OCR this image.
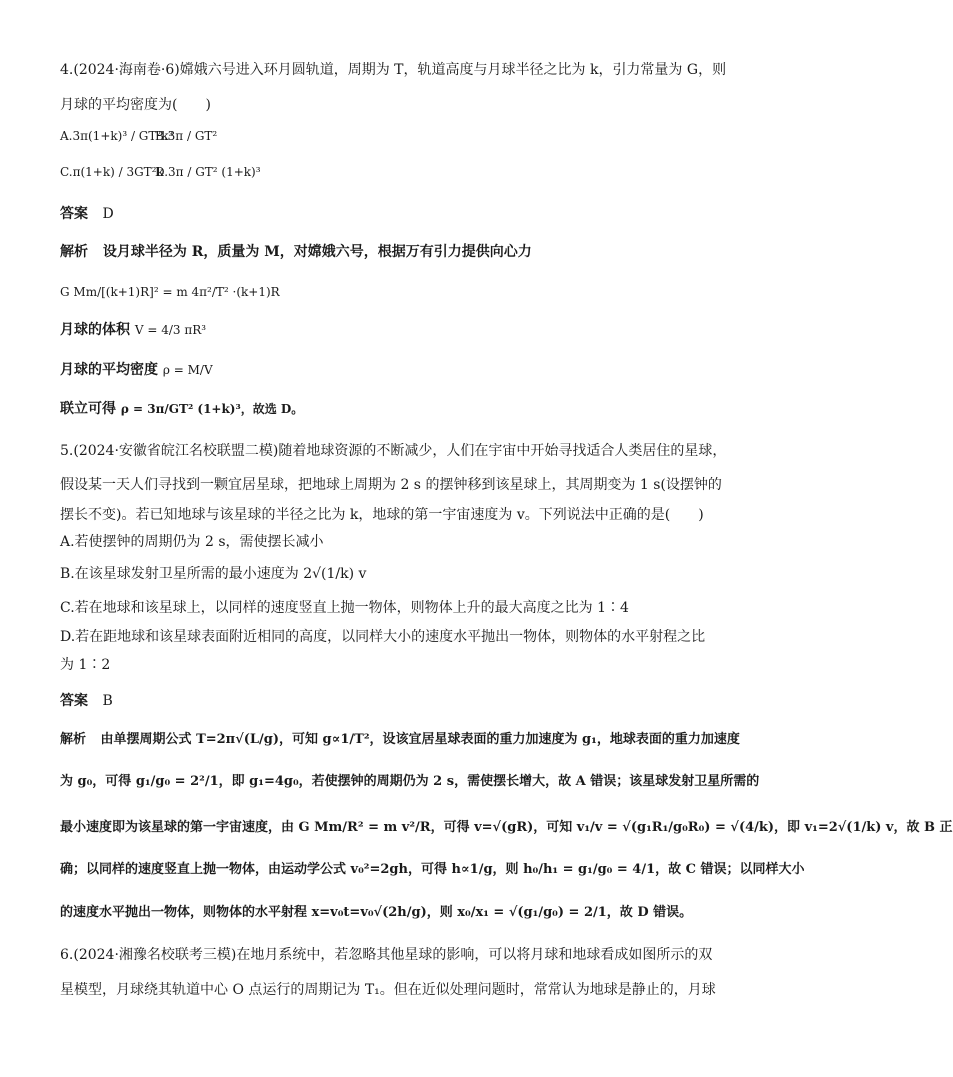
4.(2024·海南卷·6)嫦娥六号进入环月圆轨道，周期为 T，轨道高度与月球半径之比为 k，引力常量为 G，则
月球的平均密度为(　　)
A.3π(1+k)³ / GT²k³
B.3π / GT²
C.π(1+k) / 3GT²k
D.3π / GT² (1+k)³
答案 D
解析 设月球半径为 R，质量为 M，对嫦娥六号，根据万有引力提供向心力
G Mm/[(k+1)R]² = m 4π²/T² ·(k+1)R
月球的体积 V = 4/3 πR³
月球的平均密度 ρ = M/V
联立可得 ρ = 3π/GT² (1+k)³，故选 D。
5.(2024·安徽省皖江名校联盟二模)随着地球资源的不断减少，人们在宇宙中开始寻找适合人类居住的星球，
假设某一天人们寻找到一颗宜居星球，把地球上周期为 2 s 的摆钟移到该星球上，其周期变为 1 s(设摆钟的
摆长不变)。若已知地球与该星球的半径之比为 k，地球的第一宇宙速度为 v。下列说法中正确的是(　　)
A.若使摆钟的周期仍为 2 s，需使摆长减小
B.在该星球发射卫星所需的最小速度为 2√(1/k) v
C.若在地球和该星球上，以同样的速度竖直上抛一物体，则物体上升的最大高度之比为 1∶4
D.若在距地球和该星球表面附近相同的高度，以同样大小的速度水平抛出一物体，则物体的水平射程之比
为 1∶2
答案 B
解析 由单摆周期公式 T=2π√(L/g)，可知 g∝1/T²，设该宜居星球表面的重力加速度为 g₁，地球表面的重力加速度
为 g₀，可得 g₁/g₀ = 2²/1，即 g₁=4g₀，若使摆钟的周期仍为 2 s，需使摆长增大，故 A 错误；该星球发射卫星所需的
最小速度即为该星球的第一宇宙速度，由 G Mm/R² = m v²/R，可得 v=√(gR)，可知 v₁/v = √(g₁R₁/g₀R₀) = √(4/k)，即 v₁=2√(1/k) v，故 B 正
确；以同样的速度竖直上抛一物体，由运动学公式 v₀²=2gh，可得 h∝1/g，则 h₀/h₁ = g₁/g₀ = 4/1，故 C 错误；以同样大小
的速度水平抛出一物体，则物体的水平射程 x=v₀t=v₀√(2h/g)，则 x₀/x₁ = √(g₁/g₀) = 2/1，故 D 错误。
6.(2024·湘豫名校联考三模)在地月系统中，若忽略其他星球的影响，可以将月球和地球看成如图所示的双
星模型，月球绕其轨道中心 O 点运行的周期记为 T₁。但在近似处理问题时，常常认为地球是静止的，月球
